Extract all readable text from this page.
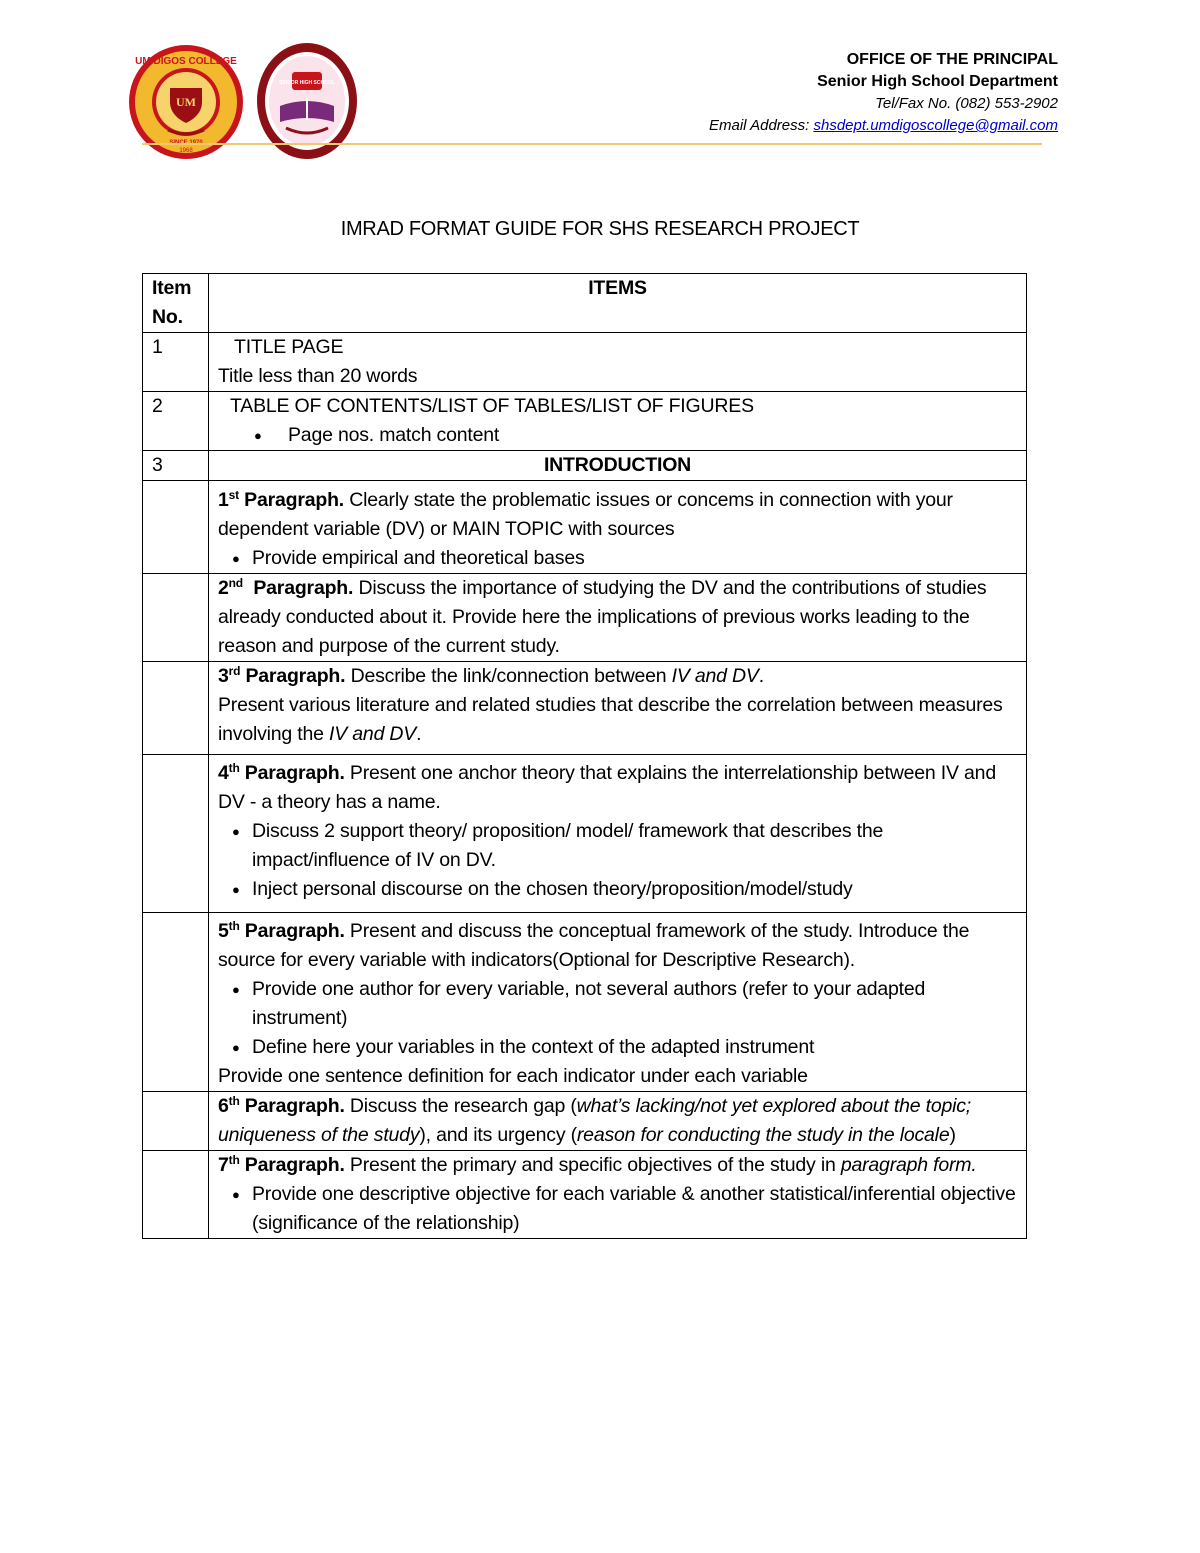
UM
UM DIGOS COLLEGE
SINCE 1970
1968
SENIOR HIGH SCHOOL
OFFICE OF THE PRINCIPAL
Senior High School Department
Tel/Fax No. (082) 553-2902
Email Address: shsdept.umdigoscollege@gmail.com
IMRAD FORMAT GUIDE FOR SHS RESEARCH PROJECT
Item No.	ITEMS
1	TITLE PAGE
Title less than 20 words

2	TABLE OF CONTENTS/LIST OF TABLES/LIST OF FIGURES
● Page nos. match content

3	INTRODUCTION

	1st Paragraph. Clearly state the problematic issues or concems in connection with your dependent variable (DV) or MAIN TOPIC with sources
● Provide empirical and theoretical bases

	2nd  Paragraph. Discuss the importance of studying the DV and the contributions of studies already conducted about it. Provide here the implications of previous works leading to the reason and purpose of the current study.

	3rd Paragraph. Describe the link/connection between IV and DV.
Present various literature and related studies that describe the correlation between measures involving the IV and DV.

	4th Paragraph. Present one anchor theory that explains the interrelationship between IV and DV - a theory has a name.
● Discuss 2 support theory/ proposition/ model/ framework that describes the impact/influence of IV on DV.
● Inject personal discourse on the chosen theory/proposition/model/study

	5th Paragraph. Present and discuss the conceptual framework of the study. Introduce the source for every variable with indicators(Optional for Descriptive Research).
● Provide one author for every variable, not several authors (refer to your adapted instrument)
● Define here your variables in the context of the adapted instrument
Provide one sentence definition for each indicator under each variable

	6th Paragraph. Discuss the research gap (what’s lacking/not yet explored about the topic; uniqueness of the study), and its urgency (reason for conducting the study in the locale)

	7th Paragraph. Present the primary and specific objectives of the study in paragraph form.
● Provide one descriptive objective for each variable & another statistical/inferential objective (significance of the relationship)
